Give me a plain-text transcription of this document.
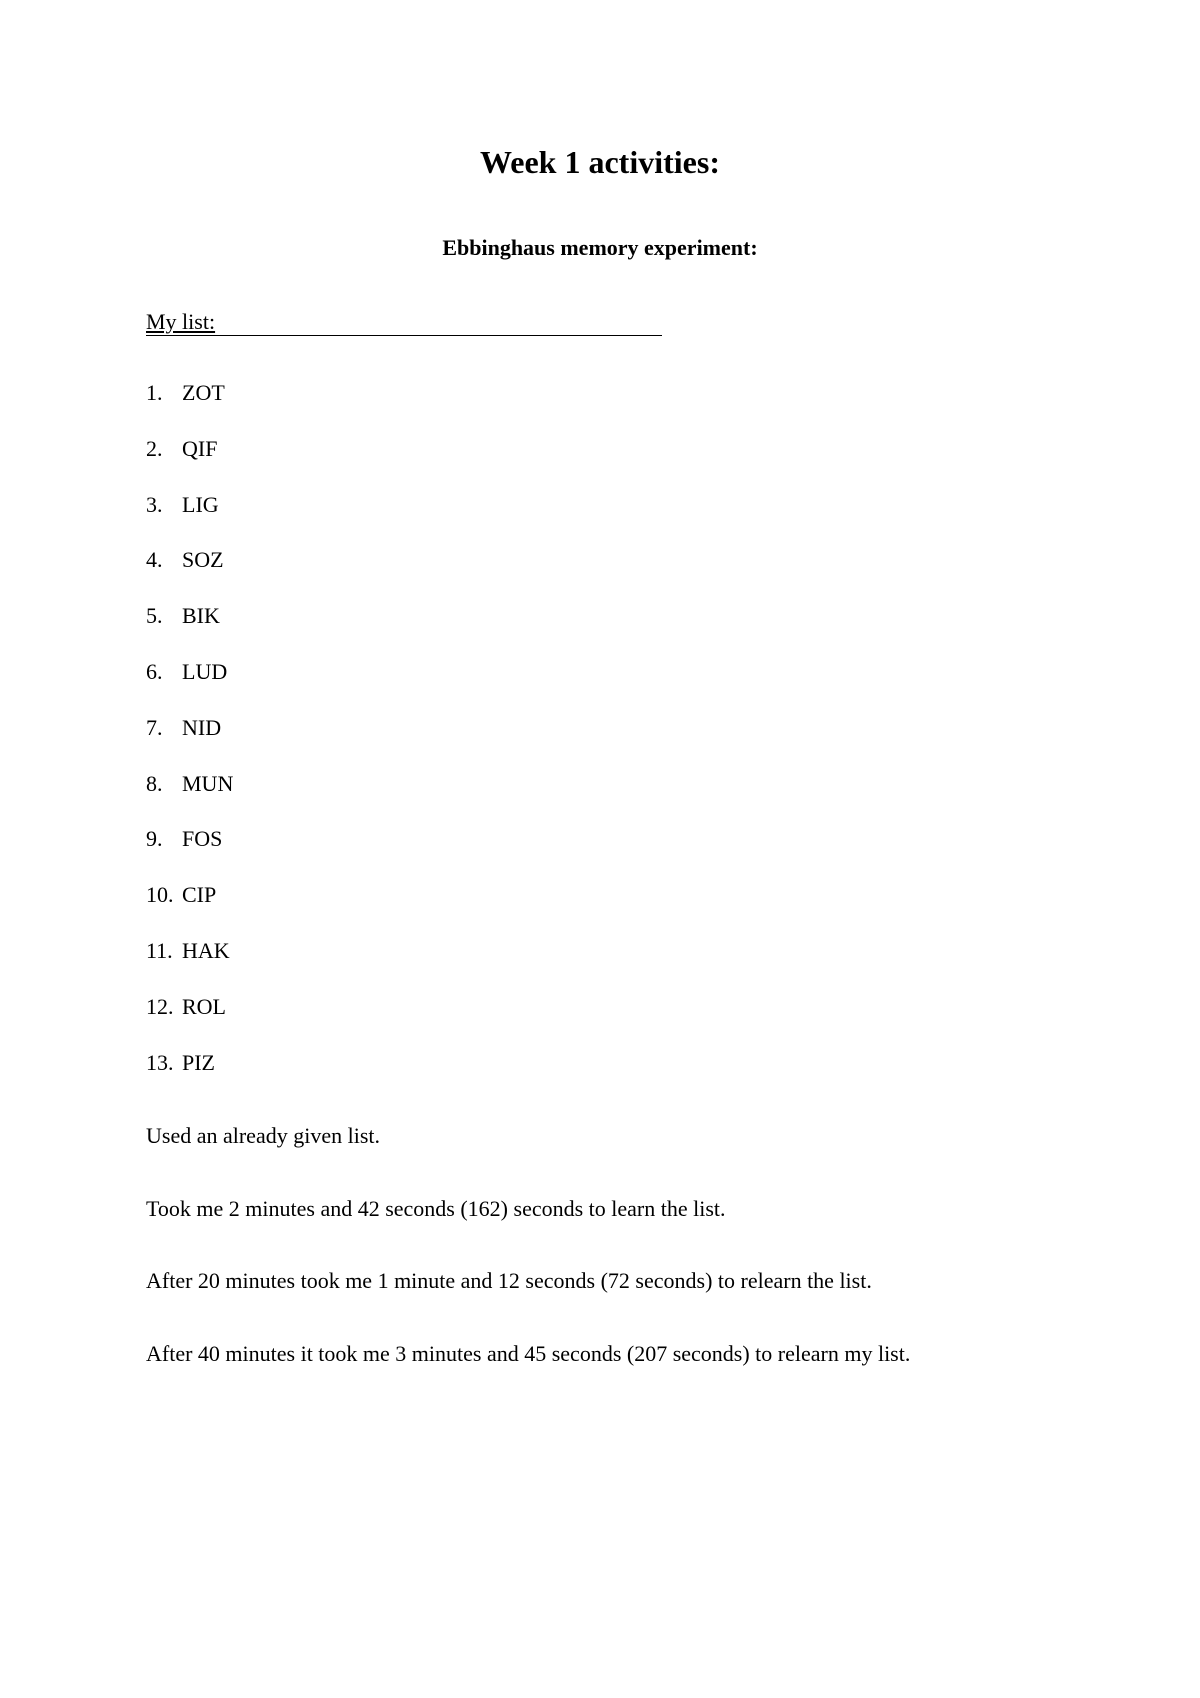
Week 1 activities:
Ebbinghaus memory experiment:
My list:
1. ZOT
2. QIF
3. LIG
4. SOZ
5. BIK
6. LUD
7. NID
8. MUN
9. FOS
10. CIP
11. HAK
12. ROL
13. PIZ

Used an already given list.

Took me 2 minutes and 42 seconds (162) seconds to learn the list.

After 20 minutes took me 1 minute and 12 seconds (72 seconds) to relearn the list.

After 40 minutes it took me 3 minutes and 45 seconds (207 seconds) to relearn my list.
